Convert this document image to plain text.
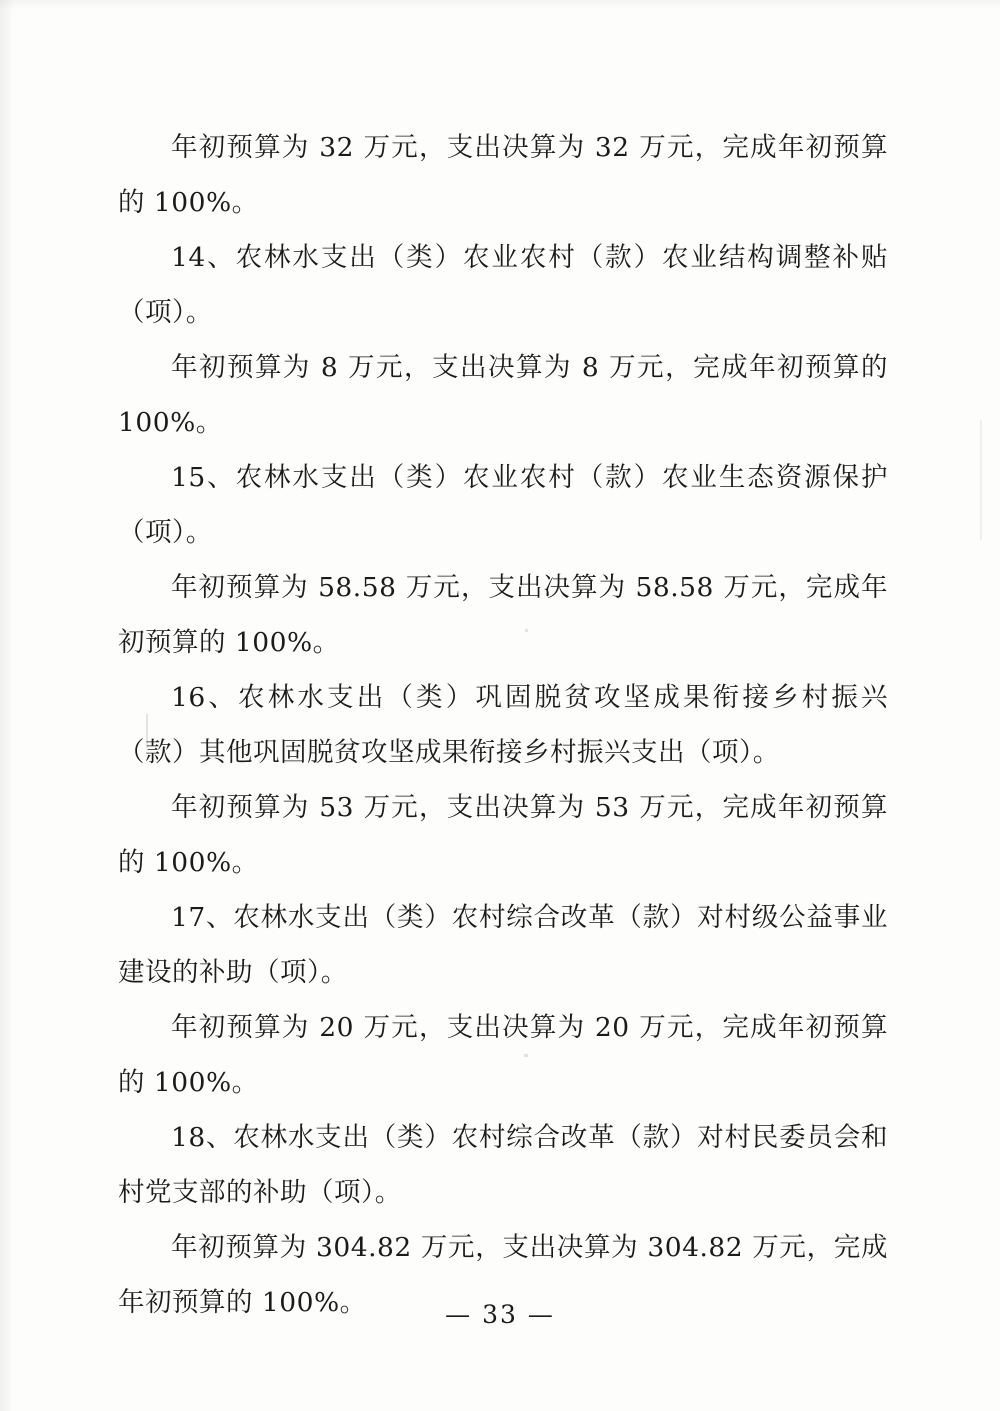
年初预算为 32 万元，支出决算为 32 万元，完成年初预算的 100%。

14、农林水支出（类）农业农村（款）农业结构调整补贴（项）。

年初预算为 8 万元，支出决算为 8 万元，完成年初预算的 100%。

15、农林水支出（类）农业农村（款）农业生态资源保护（项）。

年初预算为 58.58 万元，支出决算为 58.58 万元，完成年初预算的 100%。

16、农林水支出（类）巩固脱贫攻坚成果衔接乡村振兴（款）其他巩固脱贫攻坚成果衔接乡村振兴支出（项）。

年初预算为 53 万元，支出决算为 53 万元，完成年初预算的 100%。

17、农林水支出（类）农村综合改革（款）对村级公益事业建设的补助（项）。

年初预算为 20 万元，支出决算为 20 万元，完成年初预算的 100%。

18、农林水支出（类）农村综合改革（款）对村民委员会和村党支部的补助（项）。

年初预算为 304.82 万元，支出决算为 304.82 万元，完成年初预算的 100%。	— 33 —
